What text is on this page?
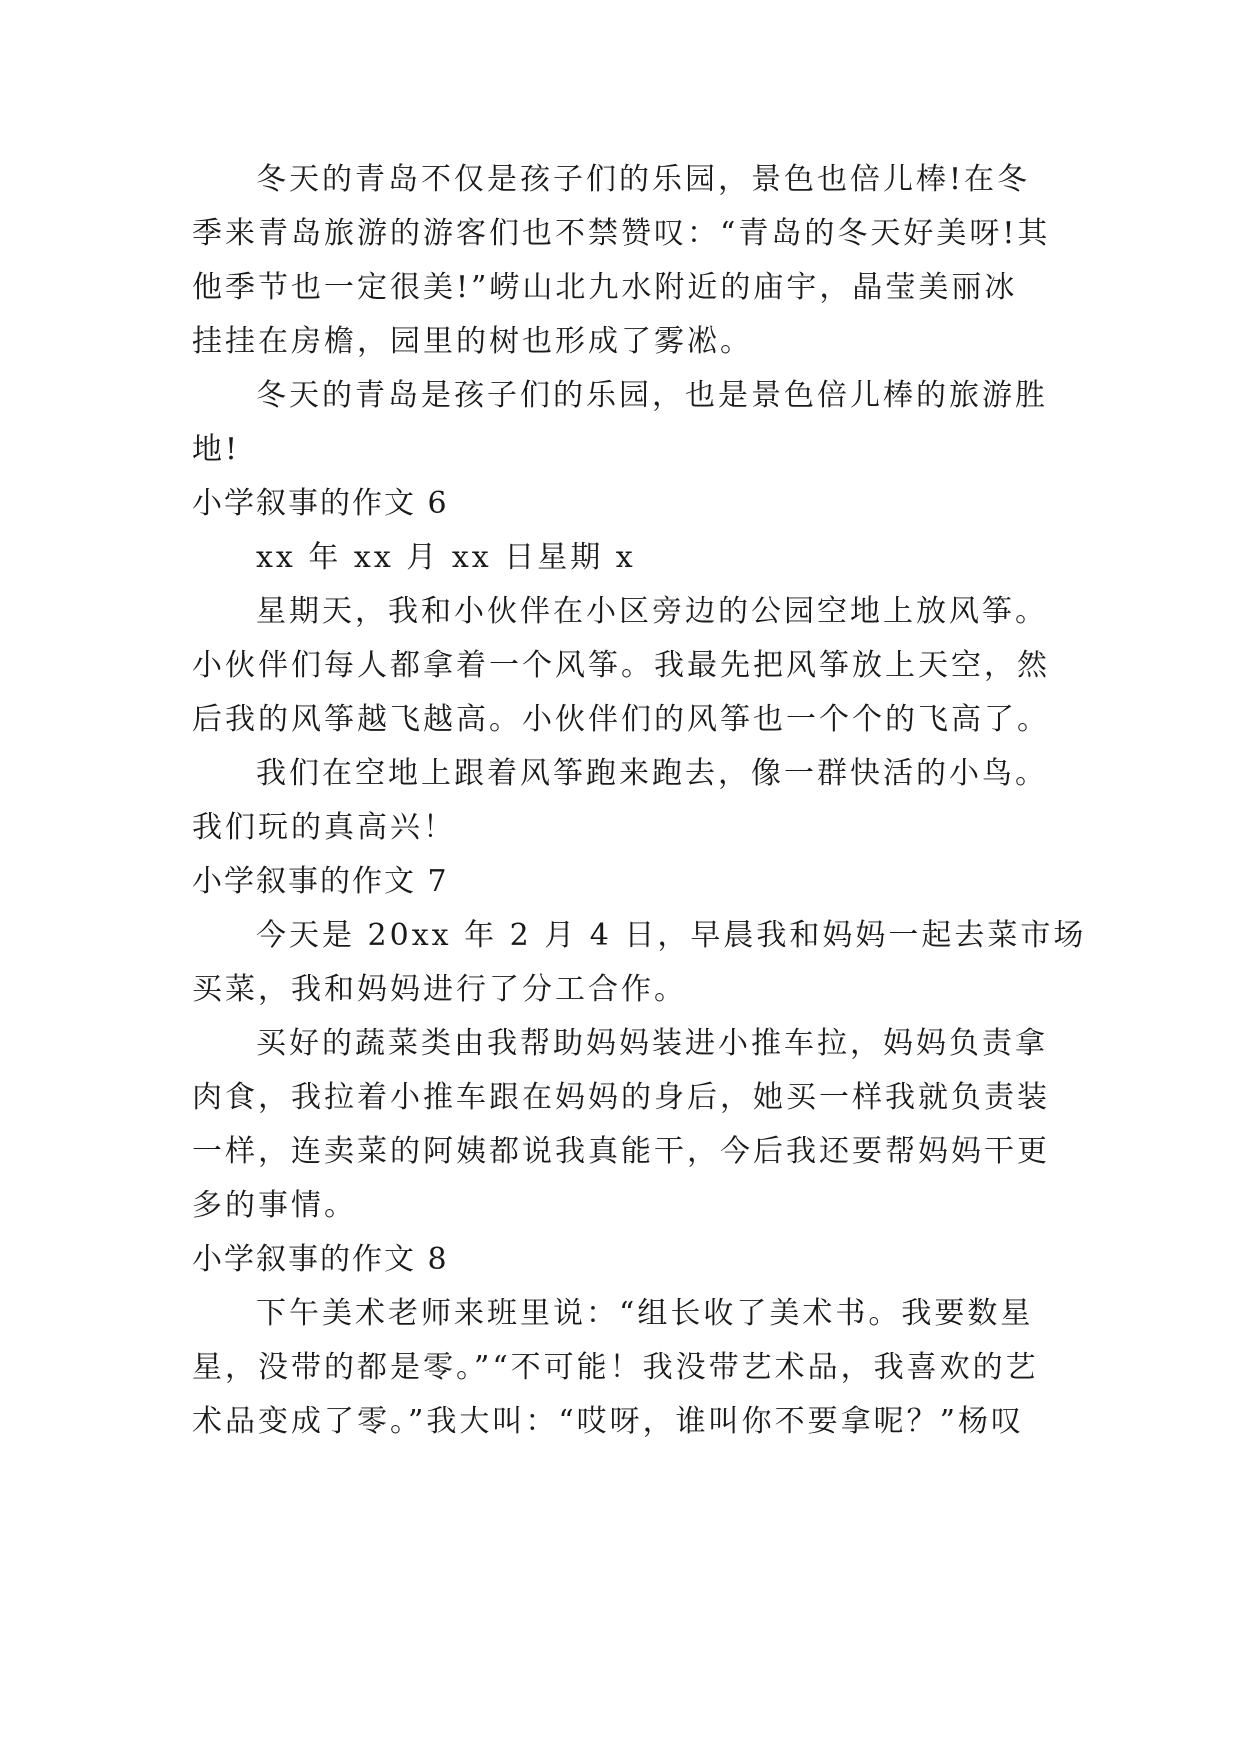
冬天的青岛不仅是孩子们的乐园，景色也倍儿棒!在冬
季来青岛旅游的游客们也不禁赞叹：“青岛的冬天好美呀!其
他季节也一定很美!”崂山北九水附近的庙宇，晶莹美丽冰
挂挂在房檐，园里的树也形成了雾凇。
冬天的青岛是孩子们的乐园，也是景色倍儿棒的旅游胜
地!
小学叙事的作文 6
xx 年 xx 月 xx 日星期 x
星期天，我和小伙伴在小区旁边的公园空地上放风筝。
小伙伴们每人都拿着一个风筝。我最先把风筝放上天空，然
后我的风筝越飞越高。小伙伴们的风筝也一个个的飞高了。
我们在空地上跟着风筝跑来跑去，像一群快活的小鸟。
我们玩的真高兴！
小学叙事的作文 7
今天是 20xx 年 2 月 4 日，早晨我和妈妈一起去菜市场
买菜，我和妈妈进行了分工合作。
买好的蔬菜类由我帮助妈妈装进小推车拉，妈妈负责拿
肉食，我拉着小推车跟在妈妈的身后，她买一样我就负责装
一样，连卖菜的阿姨都说我真能干，今后我还要帮妈妈干更
多的事情。
小学叙事的作文 8
下午美术老师来班里说：“组长收了美术书。我要数星
星，没带的都是零。”“不可能！我没带艺术品，我喜欢的艺
术品变成了零。”我大叫：“哎呀，谁叫你不要拿呢？”杨叹
